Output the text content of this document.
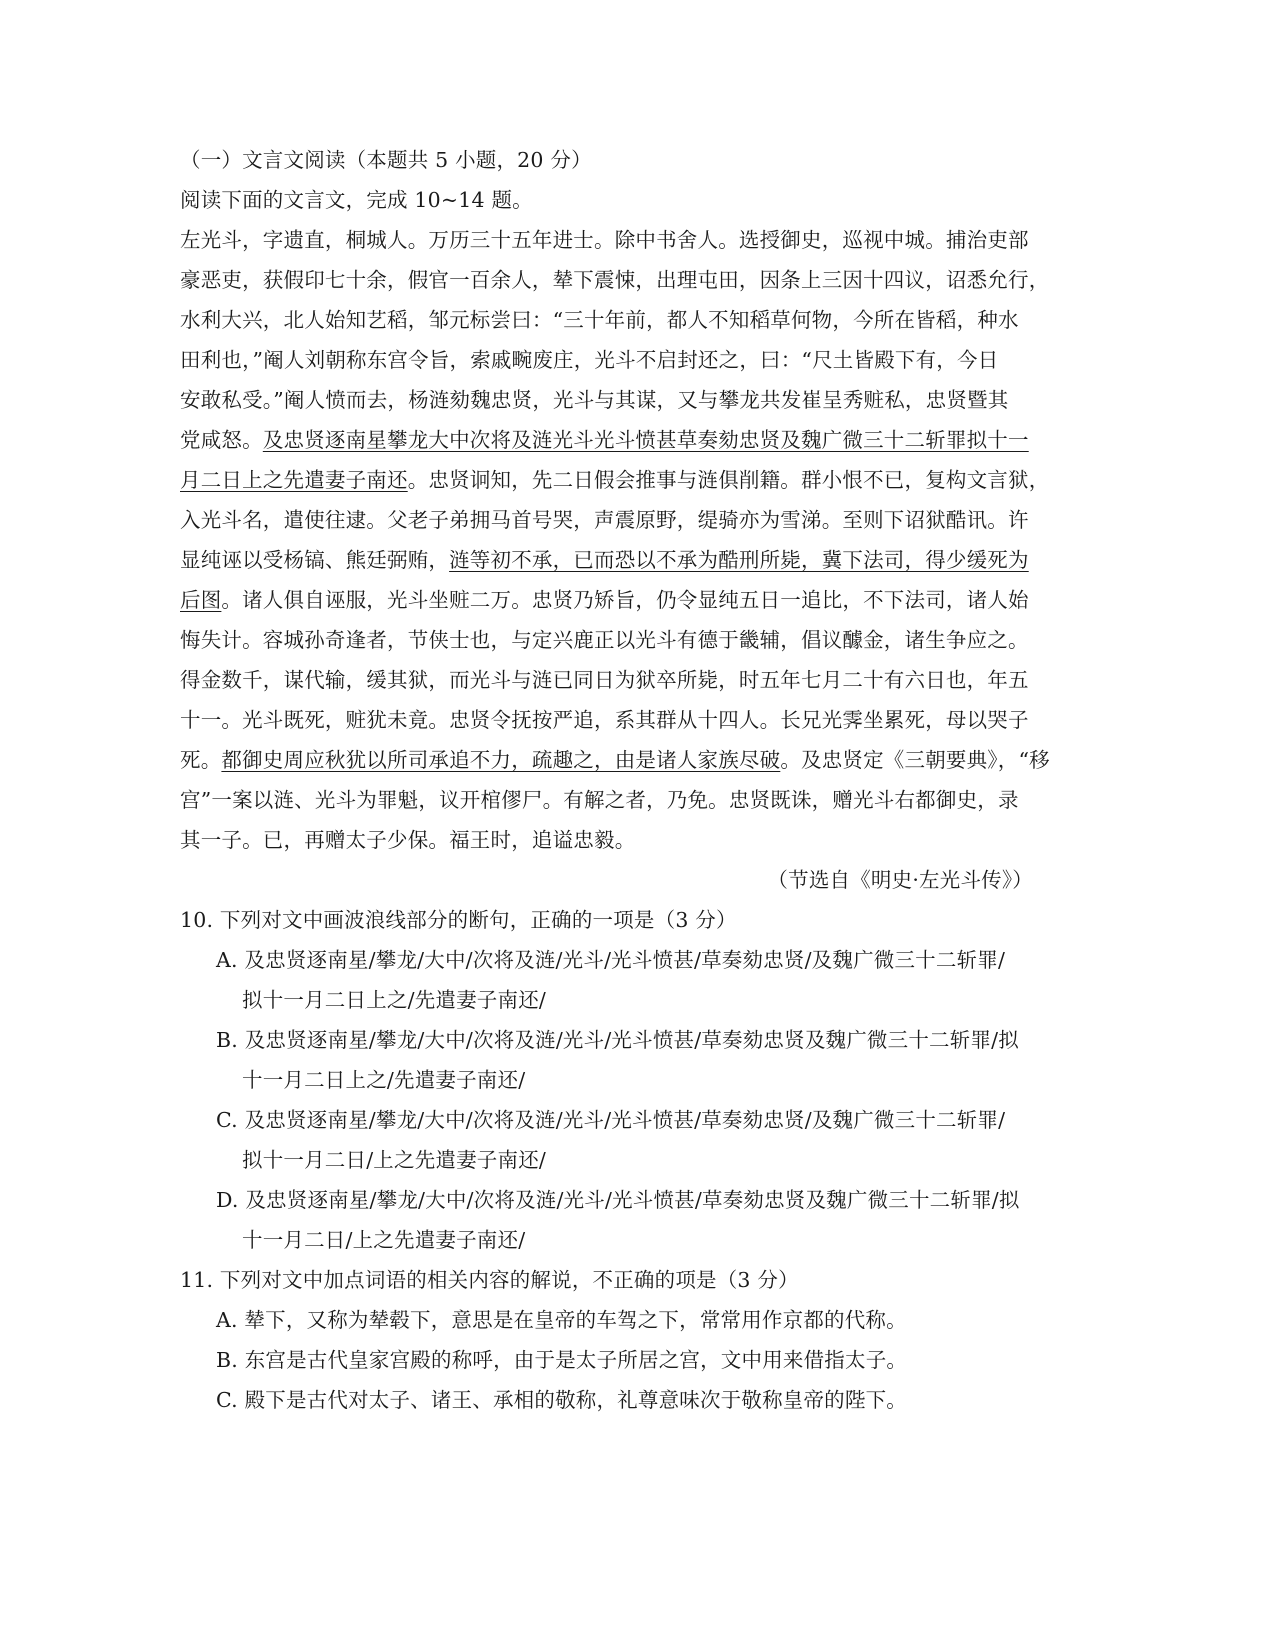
（一）文言文阅读（本题共 5 小题，20 分）
阅读下面的文言文，完成 10~14 题。
左光斗，字遗直，桐城人。万历三十五年进士。除中书舍人。选授御史，巡视中城。捕治吏部
豪恶吏，获假印七十余，假官一百余人，辇下震悚，出理屯田，因条上三因十四议，诏悉允行，
水利大兴，北人始知艺稻，邹元标尝曰：“三十年前，都人不知稻草何物，今所在皆稻，种水
田利也，”阉人刘朝称东宫令旨，索戚畹废庄，光斗不启封还之，曰：“尺土皆殿下有，今日
安敢私受。”阉人愤而去，杨涟劾魏忠贤，光斗与其谋，又与攀龙共发崔呈秀赃私，忠贤暨其
党咸怒。及忠贤逐南星攀龙大中次将及涟光斗光斗愤甚草奏劾忠贤及魏广微三十二斩罪拟十一
月二日上之先遣妻子南还。忠贤诇知，先二日假会推事与涟俱削籍。群小恨不已，复构文言狱，
入光斗名，遣使往逮。父老子弟拥马首号哭，声震原野，缇骑亦为雪涕。至则下诏狱酷讯。许
显纯诬以受杨镐、熊廷弼贿，涟等初不承，已而恐以不承为酷刑所毙，冀下法司，得少缓死为
后图。诸人俱自诬服，光斗坐赃二万。忠贤乃矫旨，仍令显纯五日一追比，不下法司，诸人始
悔失计。容城孙奇逢者，节侠士也，与定兴鹿正以光斗有德于畿辅，倡议醵金，诸生争应之。
得金数千，谋代输，缓其狱，而光斗与涟已同日为狱卒所毙，时五年七月二十有六日也，年五
十一。光斗既死，赃犹未竟。忠贤令抚按严追，系其群从十四人。长兄光霁坐累死，母以哭子
死。都御史周应秋犹以所司承追不力，疏趣之，由是诸人家族尽破。及忠贤定《三朝要典》，“移
宫”一案以涟、光斗为罪魁，议开棺僇尸。有解之者，乃免。忠贤既诛，赠光斗右都御史，录
其一子。已，再赠太子少保。福王时，追谥忠毅。
（节选自《明史·左光斗传》）
10. 下列对文中画波浪线部分的断句，正确的一项是（3 分）
A. 及忠贤逐南星/攀龙/大中/次将及涟/光斗/光斗愤甚/草奏劾忠贤/及魏广微三十二斩罪/
拟十一月二日上之/先遣妻子南还/
B. 及忠贤逐南星/攀龙/大中/次将及涟/光斗/光斗愤甚/草奏劾忠贤及魏广微三十二斩罪/拟
十一月二日上之/先遣妻子南还/
C. 及忠贤逐南星/攀龙/大中/次将及涟/光斗/光斗愤甚/草奏劾忠贤/及魏广微三十二斩罪/
拟十一月二日/上之先遣妻子南还/
D. 及忠贤逐南星/攀龙/大中/次将及涟/光斗/光斗愤甚/草奏劾忠贤及魏广微三十二斩罪/拟
十一月二日/上之先遣妻子南还/
11. 下列对文中加点词语的相关内容的解说，不正确的项是（3 分）
A. 辇下，又称为辇毂下，意思是在皇帝的车驾之下，常常用作京都的代称。
B. 东宫是古代皇家宫殿的称呼，由于是太子所居之宫，文中用来借指太子。
C. 殿下是古代对太子、诸王、承相的敬称，礼尊意味次于敬称皇帝的陛下。
